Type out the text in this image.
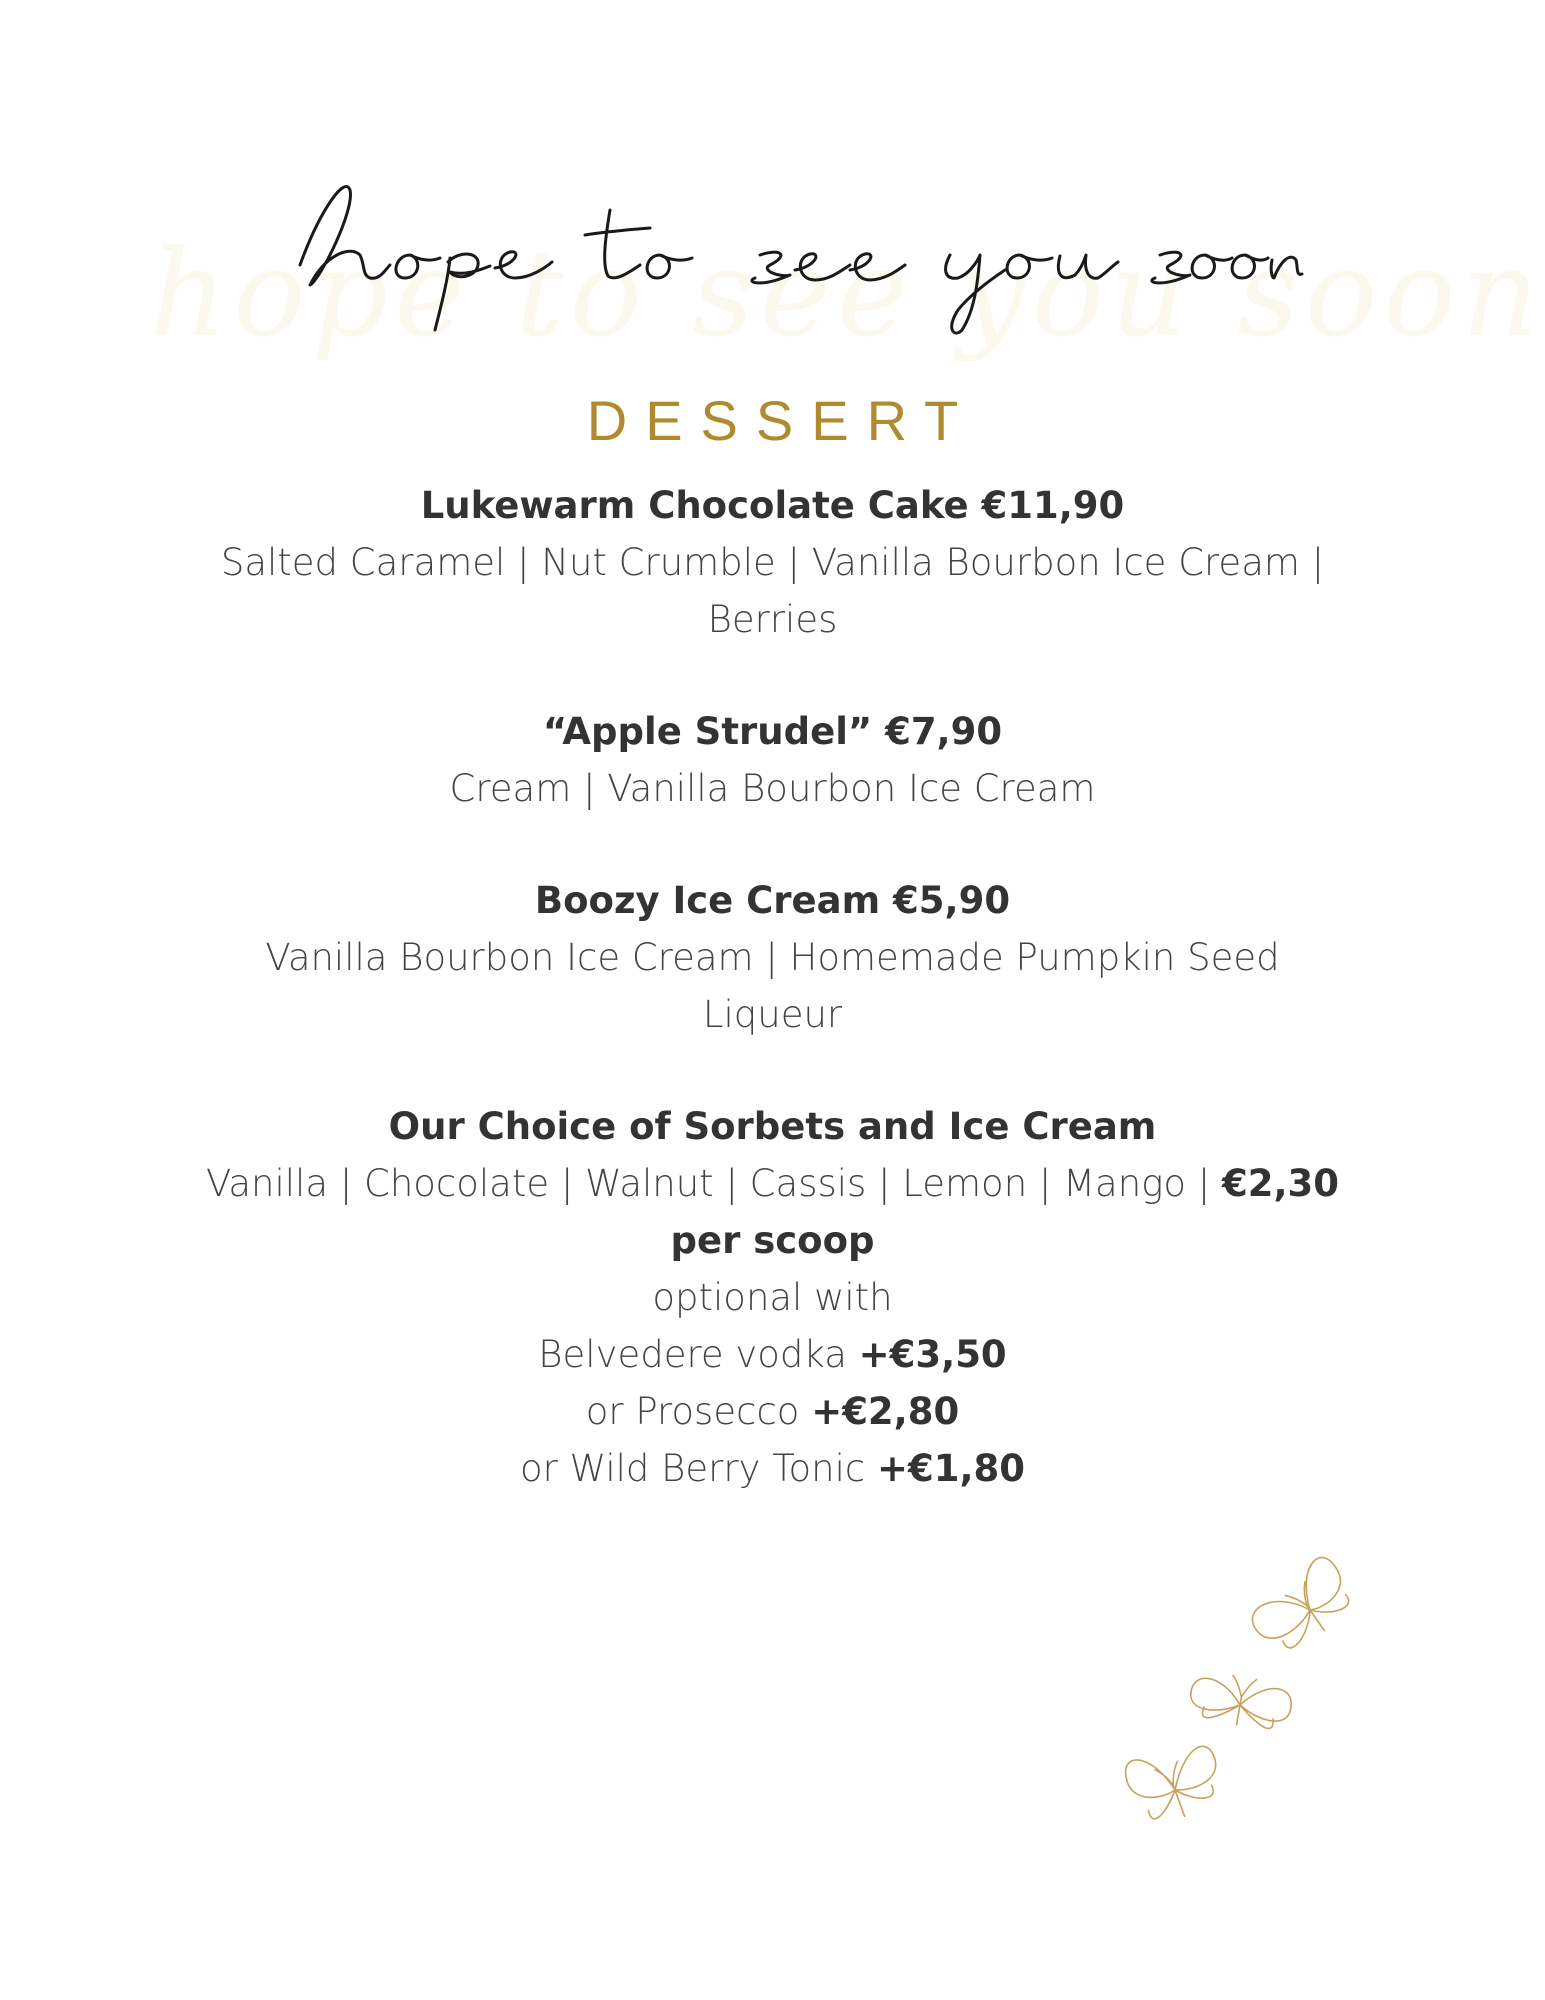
hope to see you soon
DESSERT
Lukewarm Chocolate Cake €11,90
Salted Caramel | Nut Crumble | Vanilla Bourbon Ice Cream |
Berries
“Apple Strudel” €7,90
Cream | Vanilla Bourbon Ice Cream
Boozy Ice Cream €5,90
Vanilla Bourbon Ice Cream | Homemade Pumpkin Seed
Liqueur
Our Choice of Sorbets and Ice Cream
Vanilla | Chocolate | Walnut | Cassis | Lemon | Mango | €2,30
per scoop
optional with
Belvedere vodka +€3,50
or Prosecco +€2,80
or Wild Berry Tonic +€1,80
